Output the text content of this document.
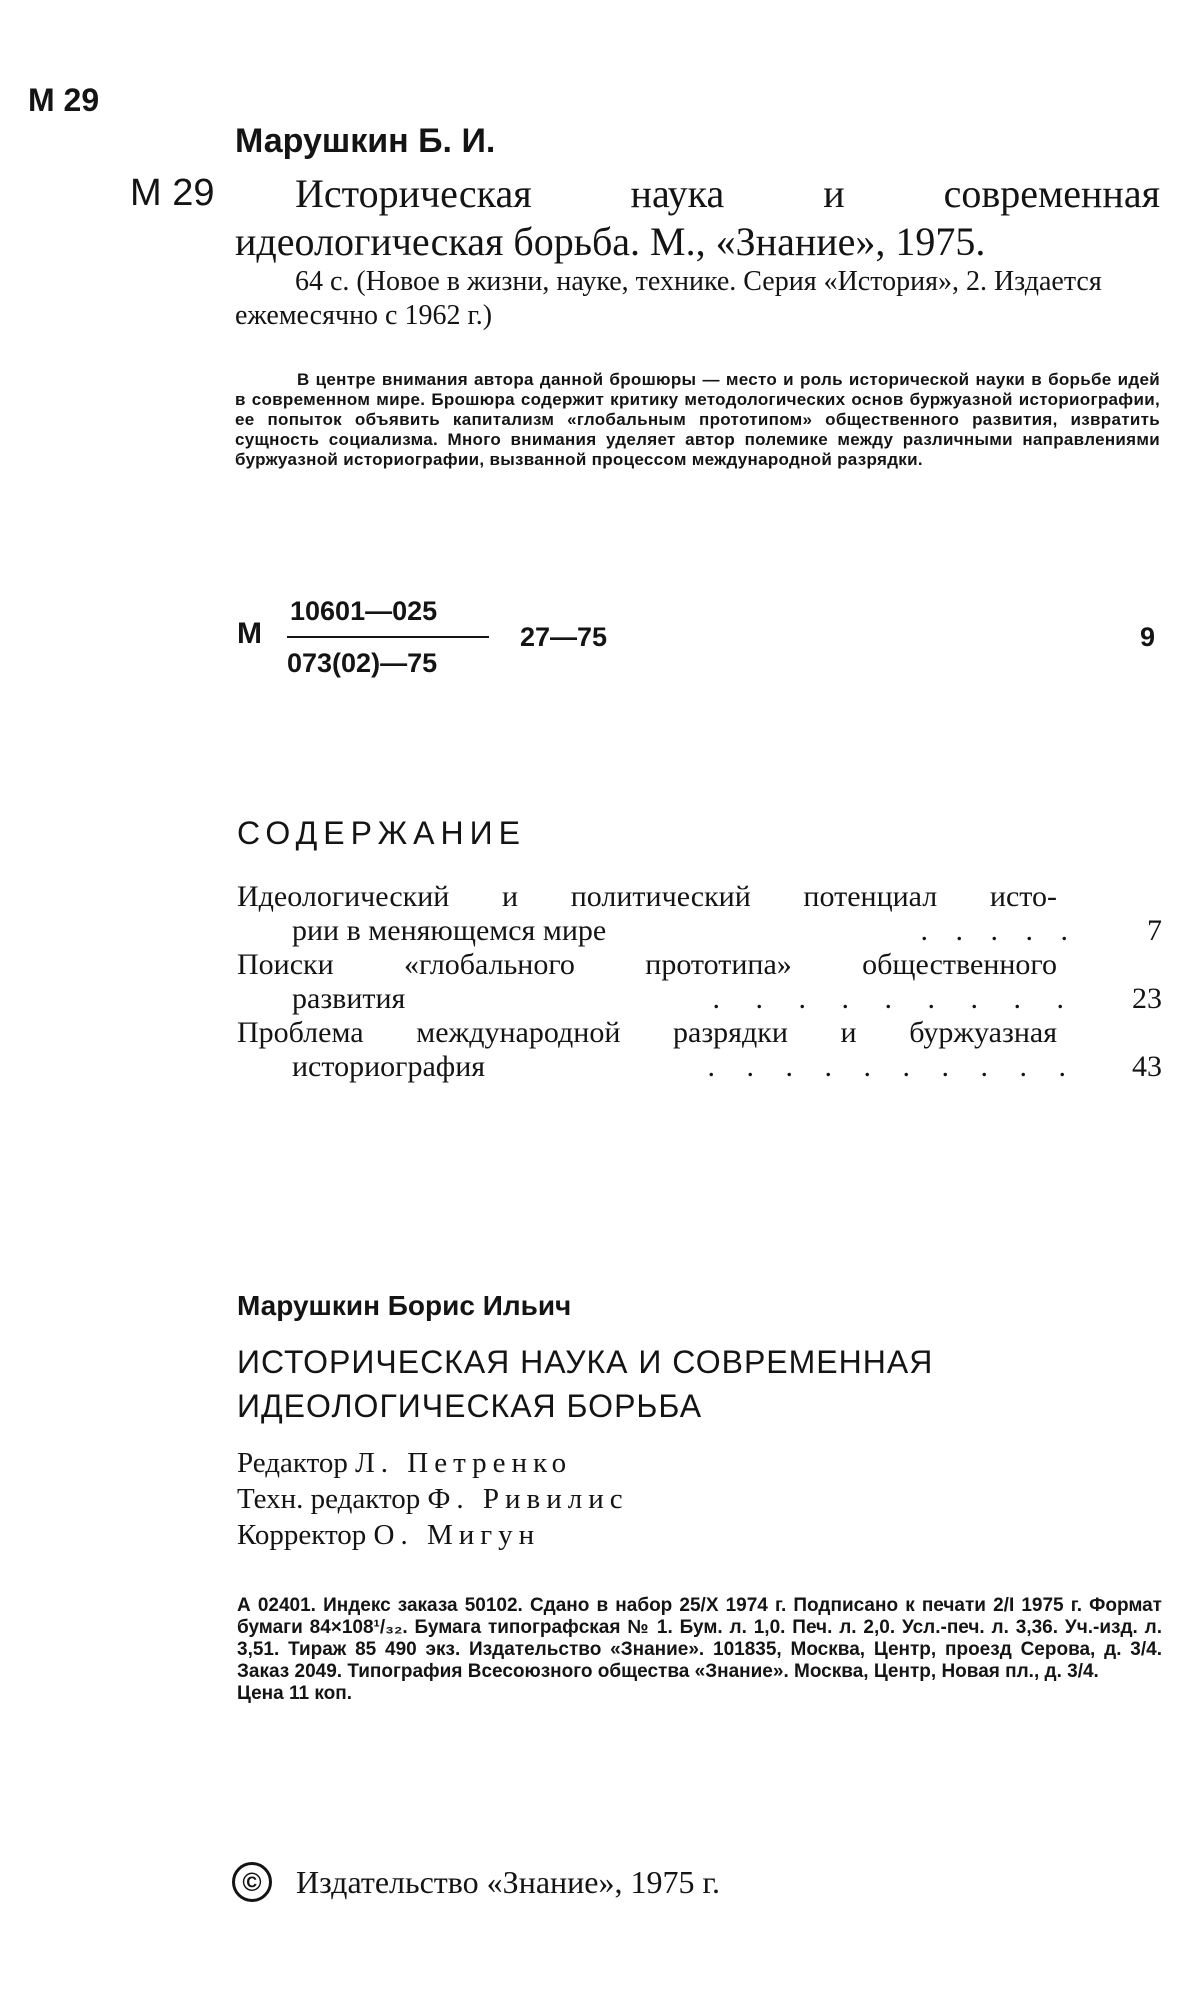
М 29
Марушкин Б. И.
М 29	Историческая наука и современная идеологическая борьба. М., «Знание», 1975.
64 с. (Новое в жизни, науке, технике. Серия «История», 2. Издается ежемесячно с 1962 г.)
В центре внимания автора данной брошюры — место и роль исторической науки в борьбе идей в современном мире. Брошюра содержит критику методологических основ буржуазной историографии, ее попыток объявить капитализм «глобальным прототипом» общественного развития, извратить сущность социализма. Много внимания уделяет автор полемике между различными направлениями буржуазной историографии, вызванной процессом международной разрядки.
М
10601—025
073(02)—75
27—75	9
СОДЕРЖАНИЕ
Идеологический и политический потенциал исто-
рии в меняющемся мире	. . . . .	7
Поиски «глобального прототипа» общественного
развития	. . . . . . . . .	23
Проблема международной разрядки и буржуазная
историография	. . . . . . . . . .	43
Марушкин Борис Ильич
ИСТОРИЧЕСКАЯ НАУКА И СОВРЕМЕННАЯ
ИДЕОЛОГИЧЕСКАЯ БОРЬБА
Редактор Л. Петренко
Техн. редактор Ф. Ривилис
Корректор О. Мигун
А 02401. Индекс заказа 50102. Сдано в набор 25/X 1974 г. Подписано к печати 2/I 1975 г. Формат бумаги 84×108¹/₃₂. Бумага типографская № 1. Бум. л. 1,0. Печ. л. 2,0. Усл.-печ. л. 3,36. Уч.-изд. л. 3,51. Тираж 85 490 экз. Издательство «Знание». 101835, Москва, Центр, проезд Серова, д. 3/4. Заказ 2049. Типография Всесоюзного общества «Знание». Москва, Центр, Новая пл., д. 3/4.
Цена 11 коп.
©	Издательство «Знание», 1975 г.
